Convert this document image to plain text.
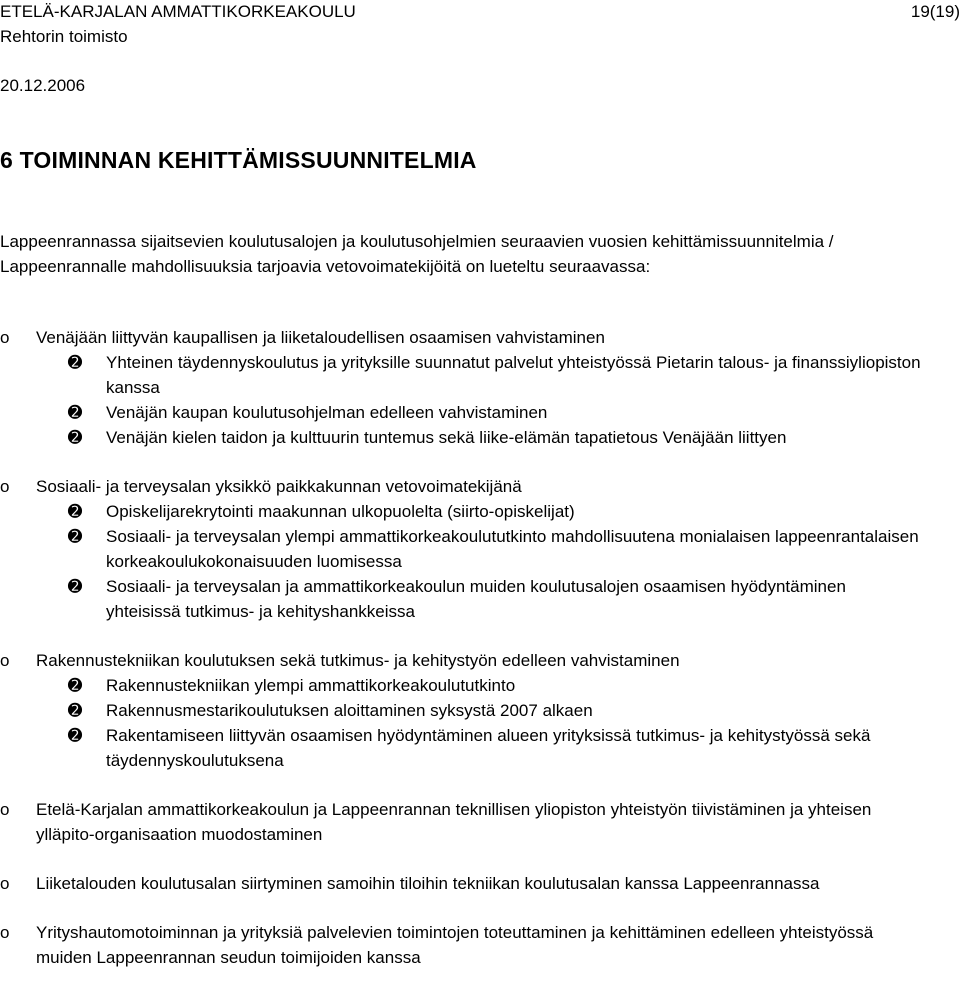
ETELÄ-KARJALAN AMMATTIKORKEAKOULU
Rehtorin toimisto
20.12.2006
19(19)
6 TOIMINNAN KEHITTÄMISSUUNNITELMIA
Lappeenrannassa sijaitsevien koulutusalojen ja koulutusohjelmien seuraavien vuosien kehittämissuunnitelmia / Lappeenrannalle mahdollisuuksia tarjoavia vetovoimatekijöitä on lueteltu seuraavassa:
o Venäjään liittyvän kaupallisen ja liiketaloudellisen osaamisen vahvistaminen
➋ Yhteinen täydennyskoulutus ja yrityksille suunnatut palvelut yhteistyössä Pietarin talous- ja finanssiyliopiston kanssa
➋ Venäjän kaupan koulutusohjelman edelleen vahvistaminen
➋ Venäjän kielen taidon ja kulttuurin tuntemus sekä liike-elämän tapatietous Venäjään liittyen
o Sosiaali- ja terveysalan yksikkö paikkakunnan vetovoimatekijänä
➋ Opiskelijarekrytointi maakunnan ulkopuolelta (siirto-opiskelijat)
➋ Sosiaali- ja terveysalan ylempi ammattikorkeakoulututkinto mahdollisuutena monialaisen lappeenrantalaisen korkeakoulukokonaisuuden luomisessa
➋ Sosiaali- ja terveysalan ja ammattikorkeakoulun muiden koulutusalojen osaamisen hyödyntäminen yhteisissä tutkimus- ja kehityshankkeissa
o Rakennustekniikan koulutuksen sekä tutkimus- ja kehitystyön edelleen vahvistaminen
➋ Rakennustekniikan ylempi ammattikorkeakoulututkinto
➋ Rakennusmestarikoulutuksen aloittaminen syksystä 2007 alkaen
➋ Rakentamiseen liittyvän osaamisen hyödyntäminen alueen yrityksissä tutkimus- ja kehitystyössä sekä täydennyskoulutuksena
o Etelä-Karjalan ammattikorkeakoulun ja Lappeenrannan teknillisen yliopiston yhteistyön tiivistäminen ja yhteisen ylläpito-organisaation muodostaminen
o Liiketalouden koulutusalan siirtyminen samoihin tiloihin tekniikan koulutusalan kanssa Lappeenrannassa
o Yrityshautomotoiminnan ja yrityksiä palvelevien toimintojen toteuttaminen ja kehittäminen edelleen yhteistyössä muiden Lappeenrannan seudun toimijoiden kanssa
